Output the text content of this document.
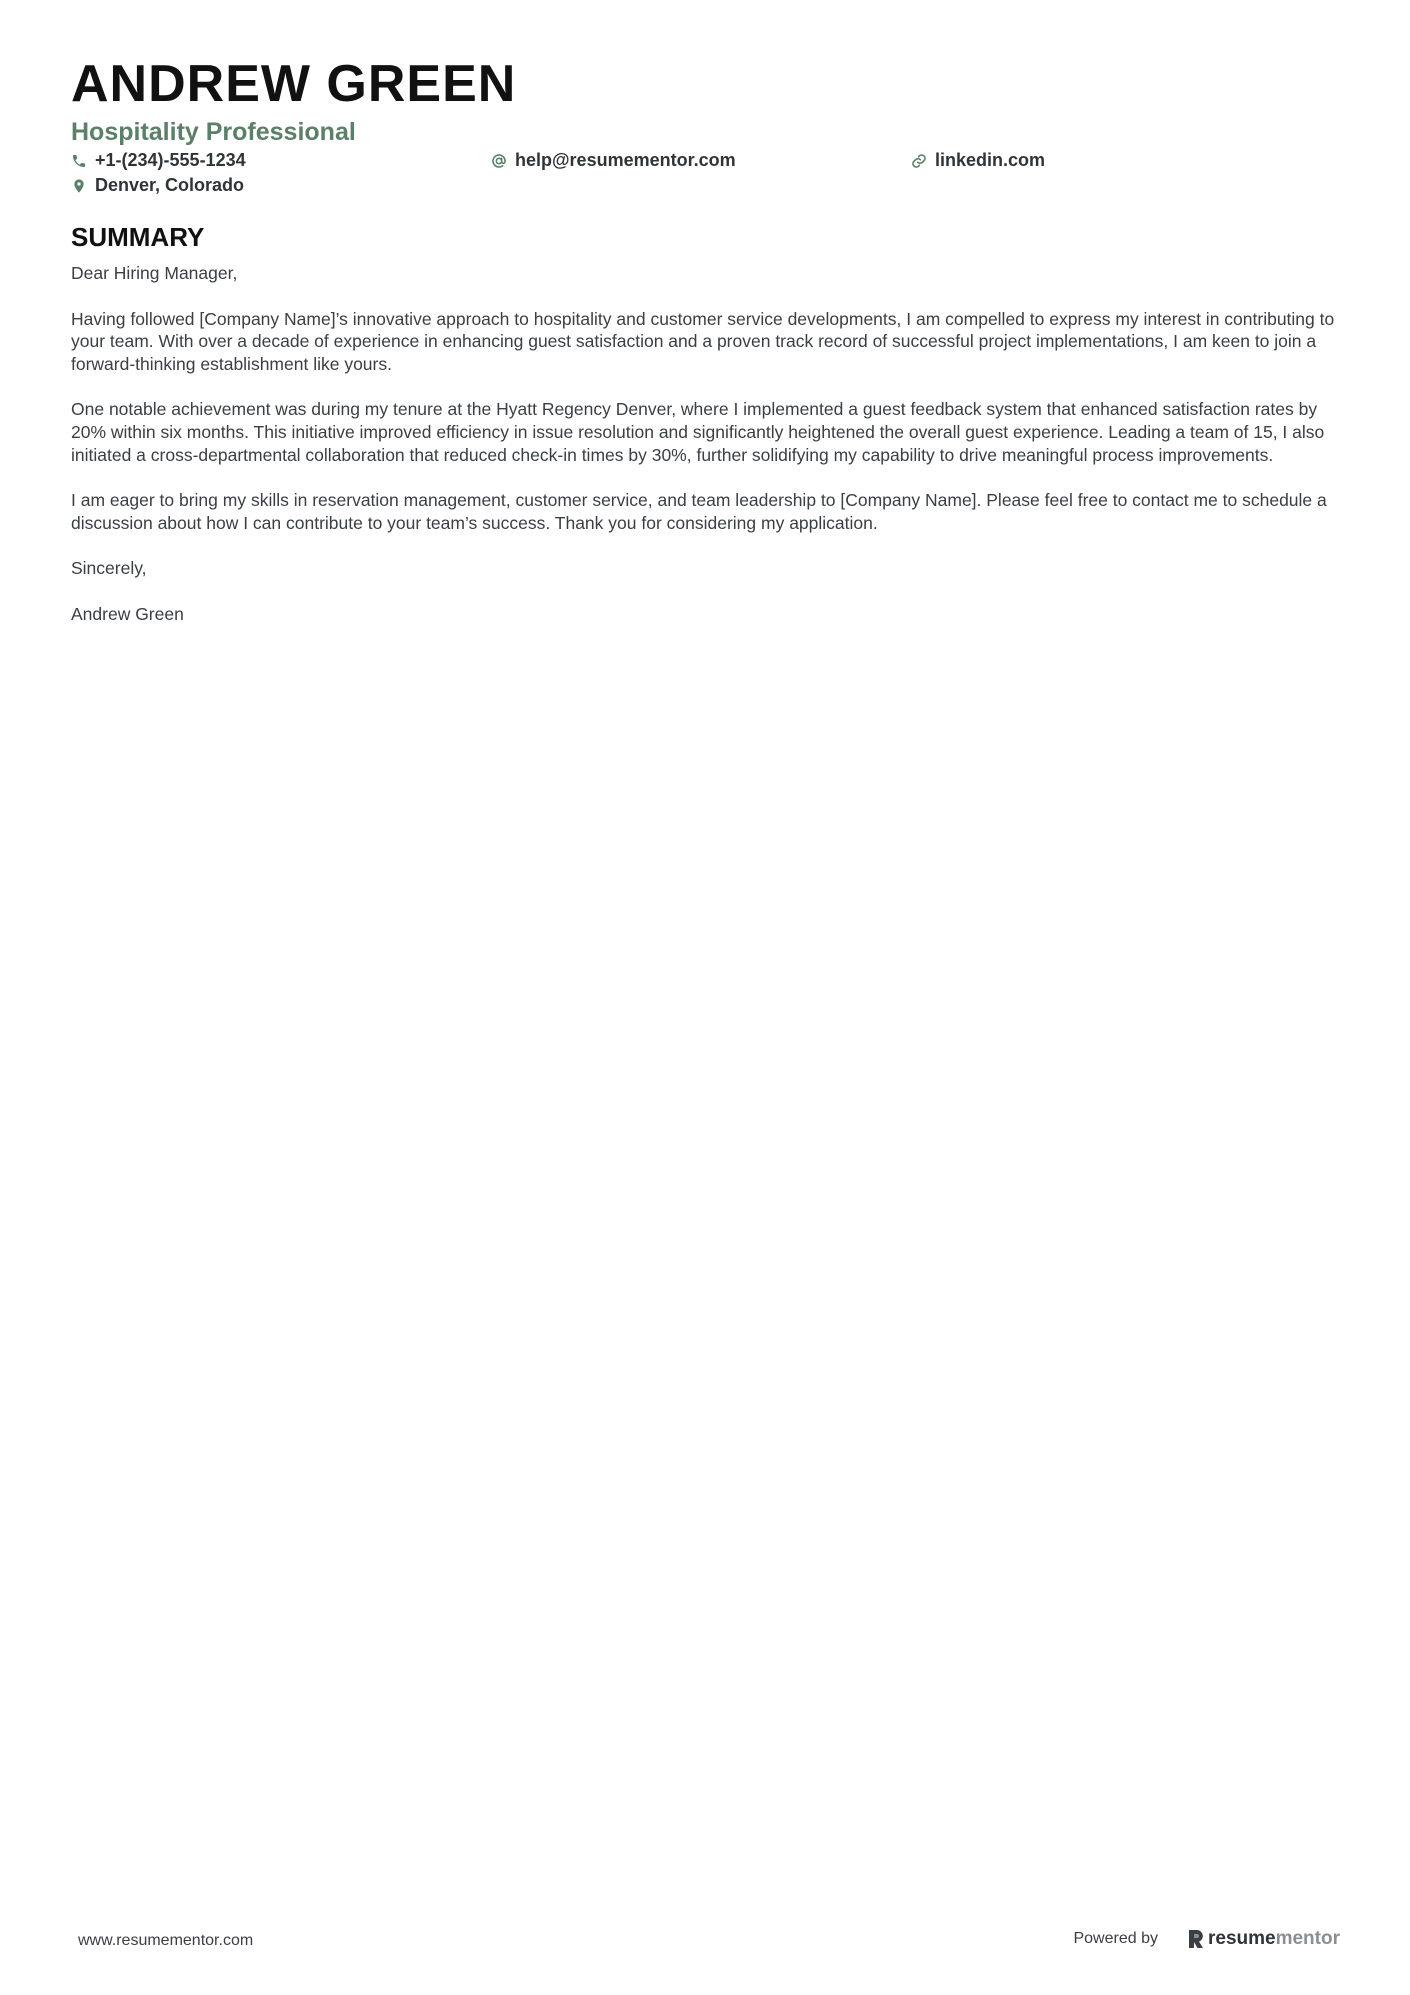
ANDREW GREEN
Hospitality Professional
+1-(234)-555-1234	help@resumementor.com	linkedin.com
Denver, Colorado
SUMMARY

Dear Hiring Manager,

Having followed [Company Name]’s innovative approach to hospitality and customer service developments, I am compelled to express my interest in contributing to your team. With over a decade of experience in enhancing guest satisfaction and a proven track record of successful project implementations, I am keen to join a forward-thinking establishment like yours.

One notable achievement was during my tenure at the Hyatt Regency Denver, where I implemented a guest feedback system that enhanced satisfaction rates by 20% within six months. This initiative improved efficiency in issue resolution and significantly heightened the overall guest experience. Leading a team of 15, I also initiated a cross-departmental collaboration that reduced check-in times by 30%, further solidifying my capability to drive meaningful process improvements.

I am eager to bring my skills in reservation management, customer service, and team leadership to [Company Name]. Please feel free to contact me to schedule a discussion about how I can contribute to your team’s success. Thank you for considering my application.

Sincerely,

Andrew Green

www.resumementor.com	Powered by	resume mentor
